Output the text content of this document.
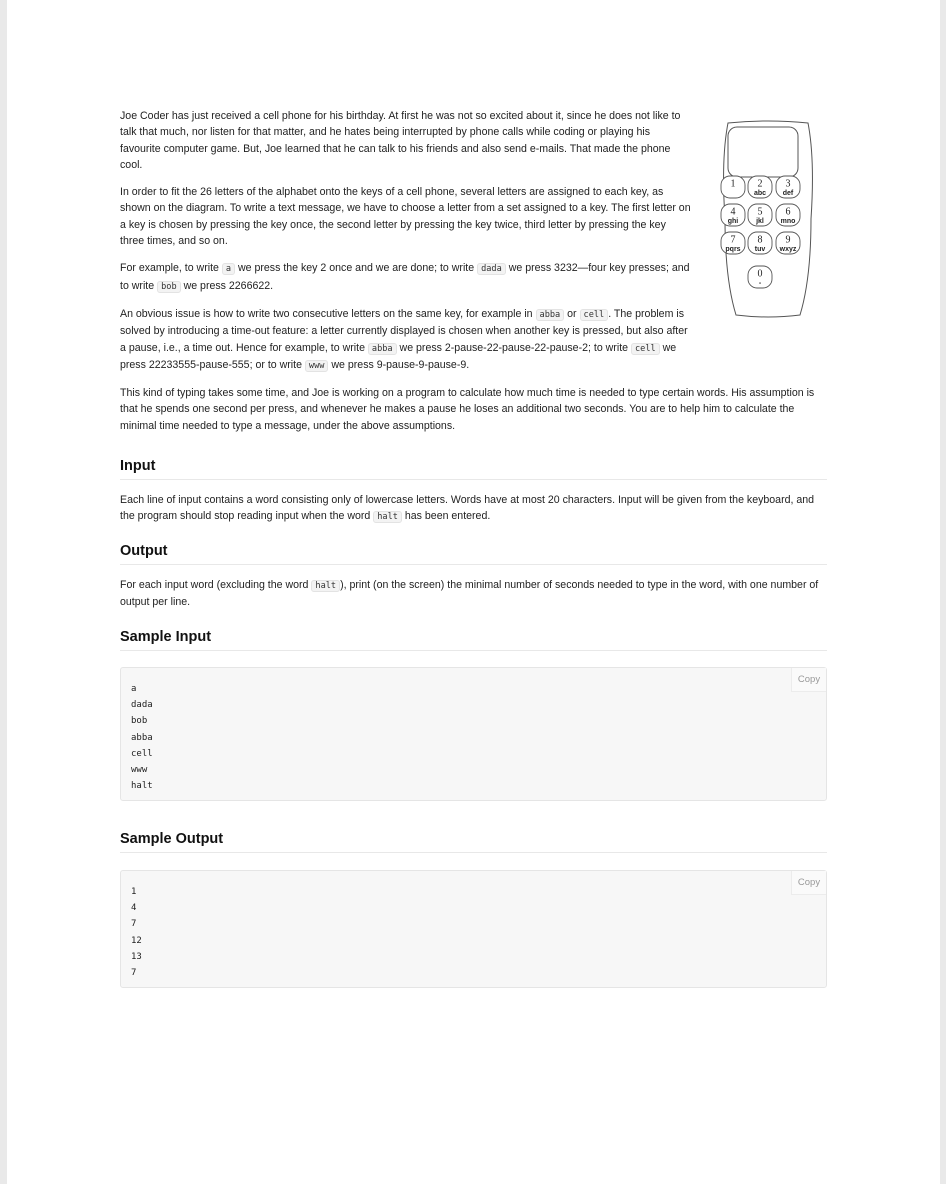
Joe Coder has just received a cell phone for his birthday. At first he was not so excited about it, since he does not like to talk that much, nor listen for that matter, and he hates being interrupted by phone calls while coding or playing his favourite computer game. But, Joe learned that he can talk to his friends and also send e-mails. That made the phone cool.

In order to fit the 26 letters of the alphabet onto the keys of a cell phone, several letters are assigned to each key, as shown on the diagram. To write a text message, we have to choose a letter from a set assigned to a key. The first letter on a key is chosen by pressing the key once, the second letter by pressing the key twice, third letter by pressing the key three times, and so on.

For example, to write a we press the key 2 once and we are done; to write dada we press 3232—four key presses; and to write bob we press 2266622.

An obvious issue is how to write two consecutive letters on the same key, for example in abba or cell . The problem is solved by introducing a time-out feature: a letter currently displayed is chosen when another key is pressed, but also after a pause, i.e., a time out. Hence for example, to write abba we press 2-pause-22-pause-22-pause-2; to write cell we press 22233555-pause-555; or to write www we press 9-pause-9-pause-9.

This kind of typing takes some time, and Joe is working on a program to calculate how much time is needed to type certain words. His assumption is that he spends one second per press, and whenever he makes a pause he loses an additional two seconds. You are to help him to calculate the minimal time needed to type a message, under the above assumptions.

1 2
abc
3
def
4
ghi
5
jkl
6
mno
7
pqrs
8
tuv
9
wxyz
0
-
Input

Each line of input contains a word consisting only of lowercase letters. Words have at most 20 characters. Input will be given from the keyboard, and the program should stop reading input when the word halt has been entered.

Output

For each input word (excluding the word halt ), print (on the screen) the minimal number of seconds needed to type in the word, with one number of output per line.

Sample Input
a
dada
bob
abba
cell
www
halt
Copy
Sample Output
1
4
7
12
13
7
Copy
